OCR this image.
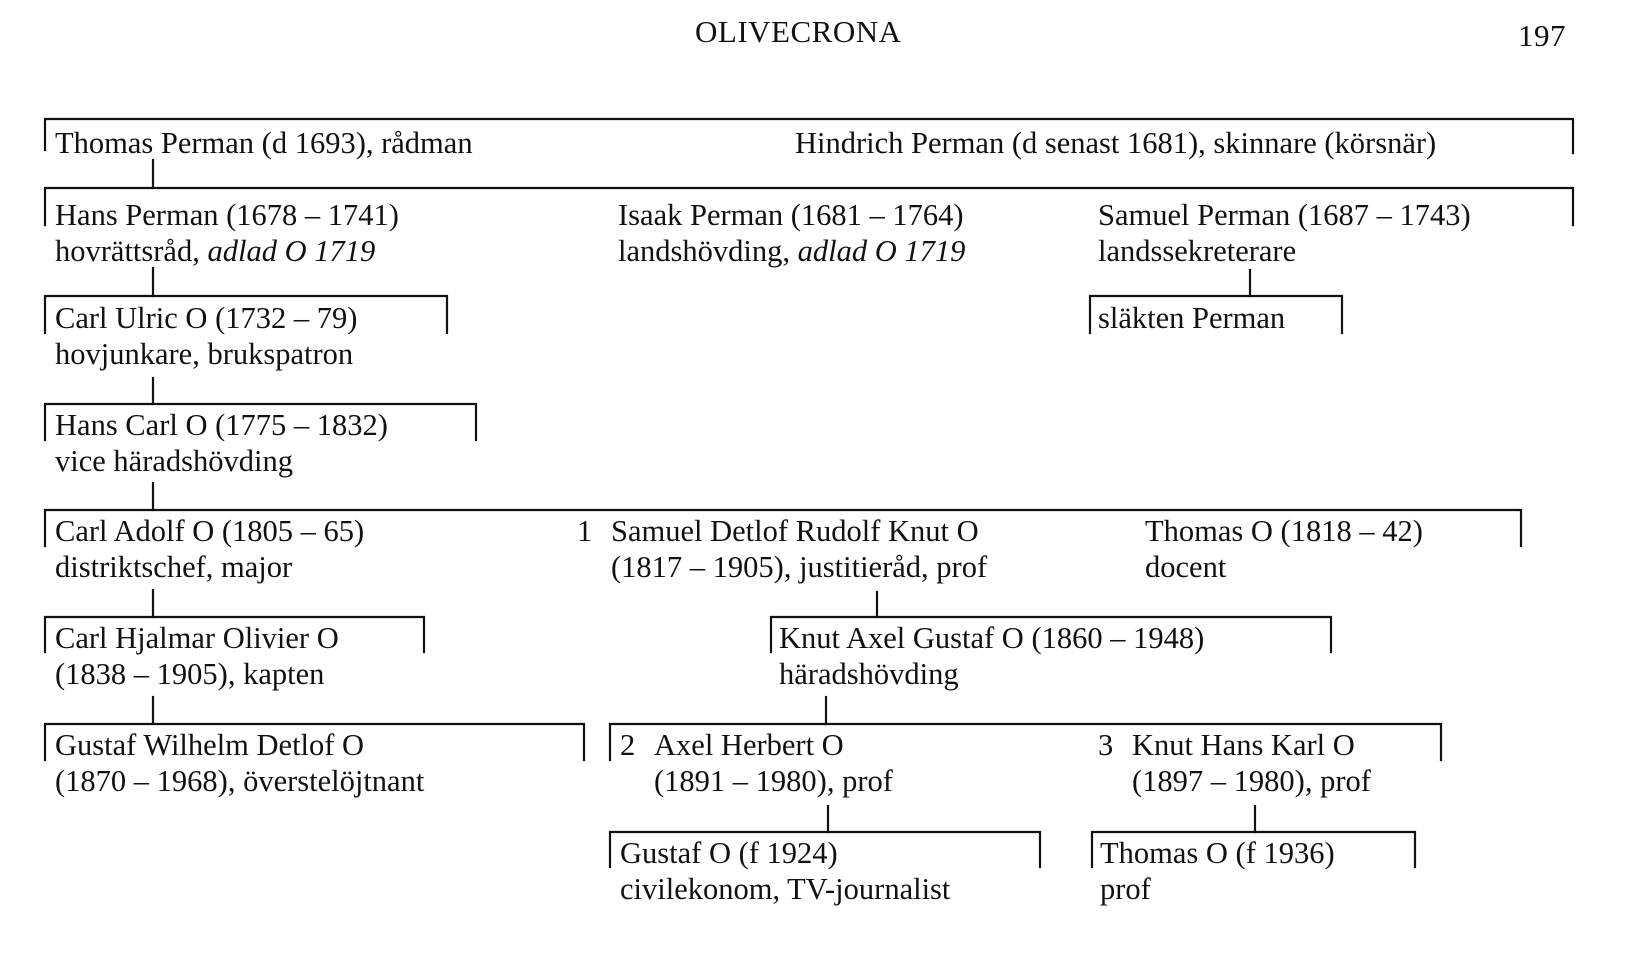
OLIVECRONA	197
Thomas Perman (d 1693), rådman	Hindrich Perman (d senast 1681), skinnare (körsnär)
Hans Perman (1678 – 1741)
hovrättsråd, adlad O 1719
Isaak Perman (1681 – 1764)
landshövding, adlad O 1719
Samuel Perman (1687 – 1743)
landssekreterare
Carl Ulric O (1732 – 79)
hovjunkare, brukspatron
släkten Perman
Hans Carl O (1775 – 1832)
vice häradshövding
Carl Adolf O (1805 – 65)
distriktschef, major
1 Samuel Detlof Rudolf Knut O
(1817 – 1905), justitieråd, prof
Thomas O (1818 – 42)
docent
Carl Hjalmar Olivier O
(1838 – 1905), kapten
Knut Axel Gustaf O (1860 – 1948)
häradshövding
Gustaf Wilhelm Detlof O
(1870 – 1968), överstelöjtnant
2 Axel Herbert O
(1891 – 1980), prof
3 Knut Hans Karl O
(1897 – 1980), prof
Gustaf O (f 1924)
civilekonom, TV-journalist
Thomas O (f 1936)
prof
